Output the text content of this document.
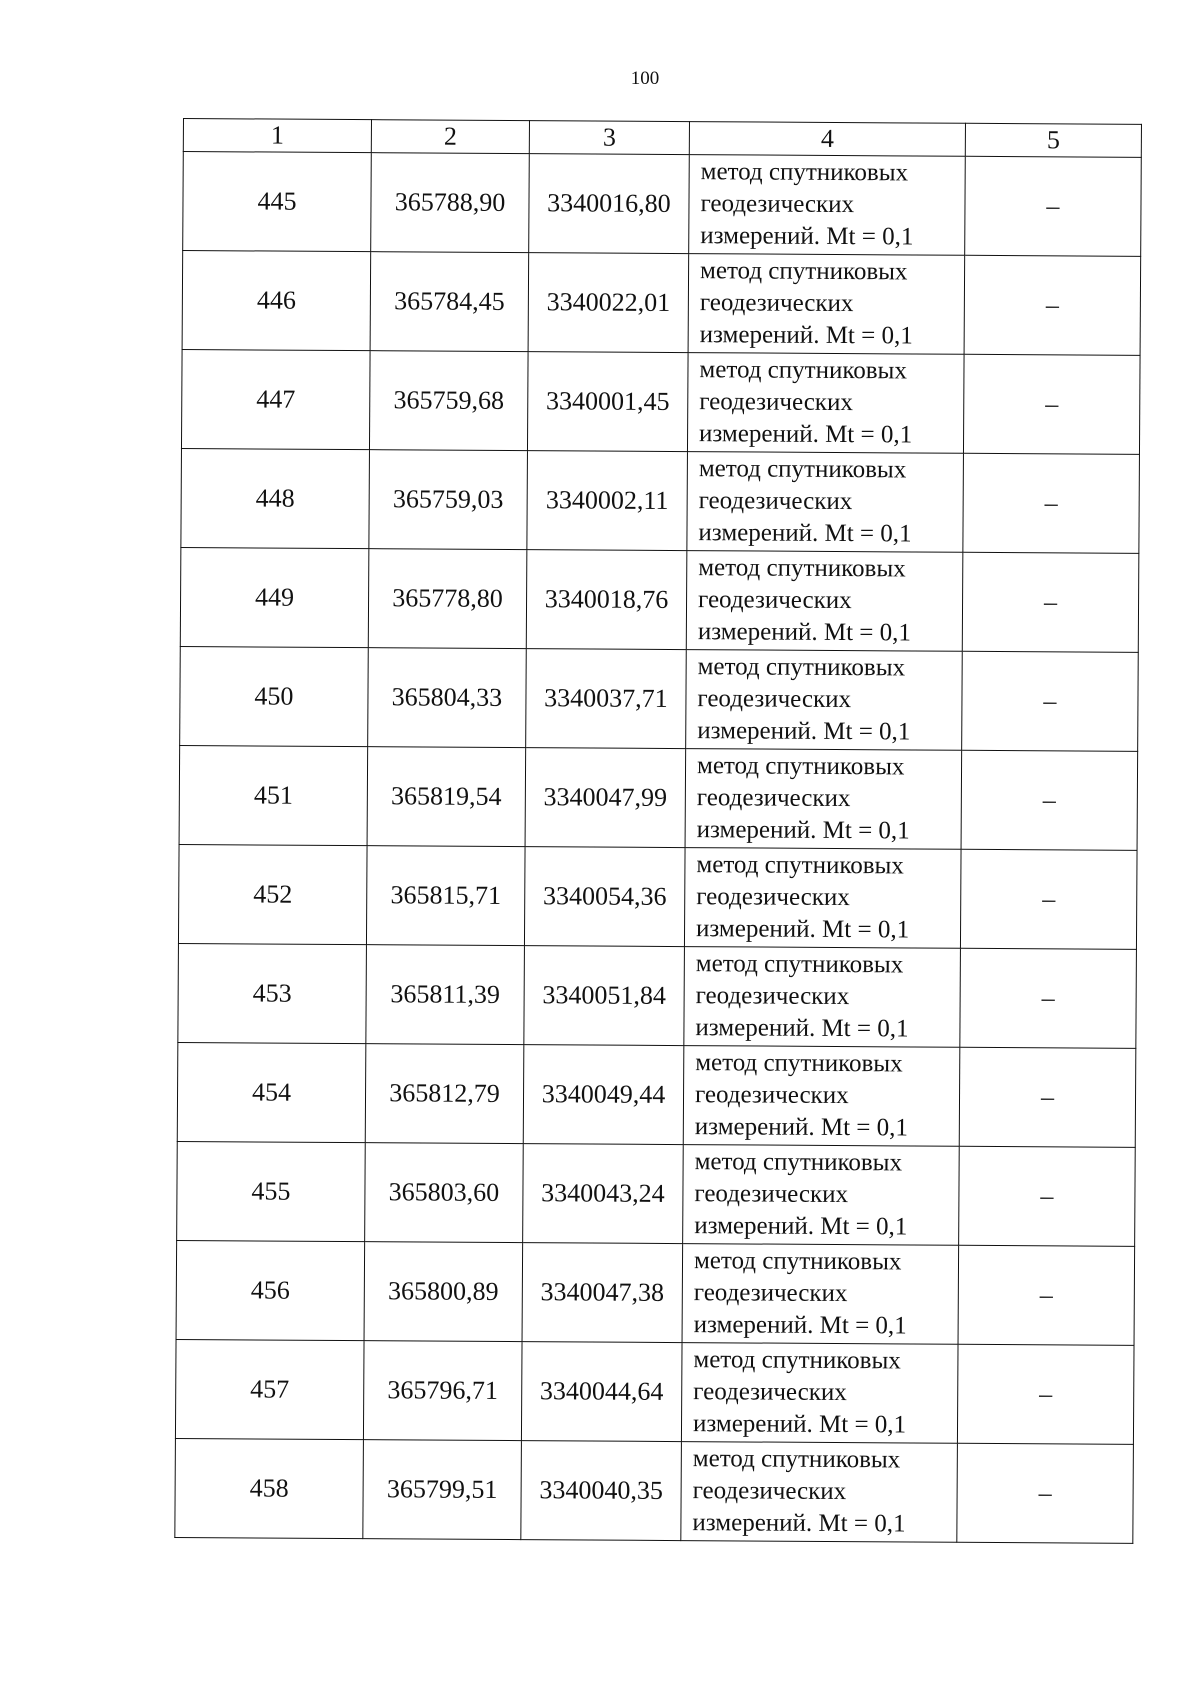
100
1	2	3	4	5
445	365788,90	3340016,80	метод спутниковых
геодезических
измерений. Mt = 0,1	–
446	365784,45	3340022,01	метод спутниковых
геодезических
измерений. Mt = 0,1	–
447	365759,68	3340001,45	метод спутниковых
геодезических
измерений. Mt = 0,1	–
448	365759,03	3340002,11	метод спутниковых
геодезических
измерений. Mt = 0,1	–
449	365778,80	3340018,76	метод спутниковых
геодезических
измерений. Mt = 0,1	–
450	365804,33	3340037,71	метод спутниковых
геодезических
измерений. Mt = 0,1	–
451	365819,54	3340047,99	метод спутниковых
геодезических
измерений. Mt = 0,1	–
452	365815,71	3340054,36	метод спутниковых
геодезических
измерений. Mt = 0,1	–
453	365811,39	3340051,84	метод спутниковых
геодезических
измерений. Mt = 0,1	–
454	365812,79	3340049,44	метод спутниковых
геодезических
измерений. Mt = 0,1	–
455	365803,60	3340043,24	метод спутниковых
геодезических
измерений. Mt = 0,1	–
456	365800,89	3340047,38	метод спутниковых
геодезических
измерений. Mt = 0,1	–
457	365796,71	3340044,64	метод спутниковых
геодезических
измерений. Mt = 0,1	–
458	365799,51	3340040,35	метод спутниковых
геодезических
измерений. Mt = 0,1	–
